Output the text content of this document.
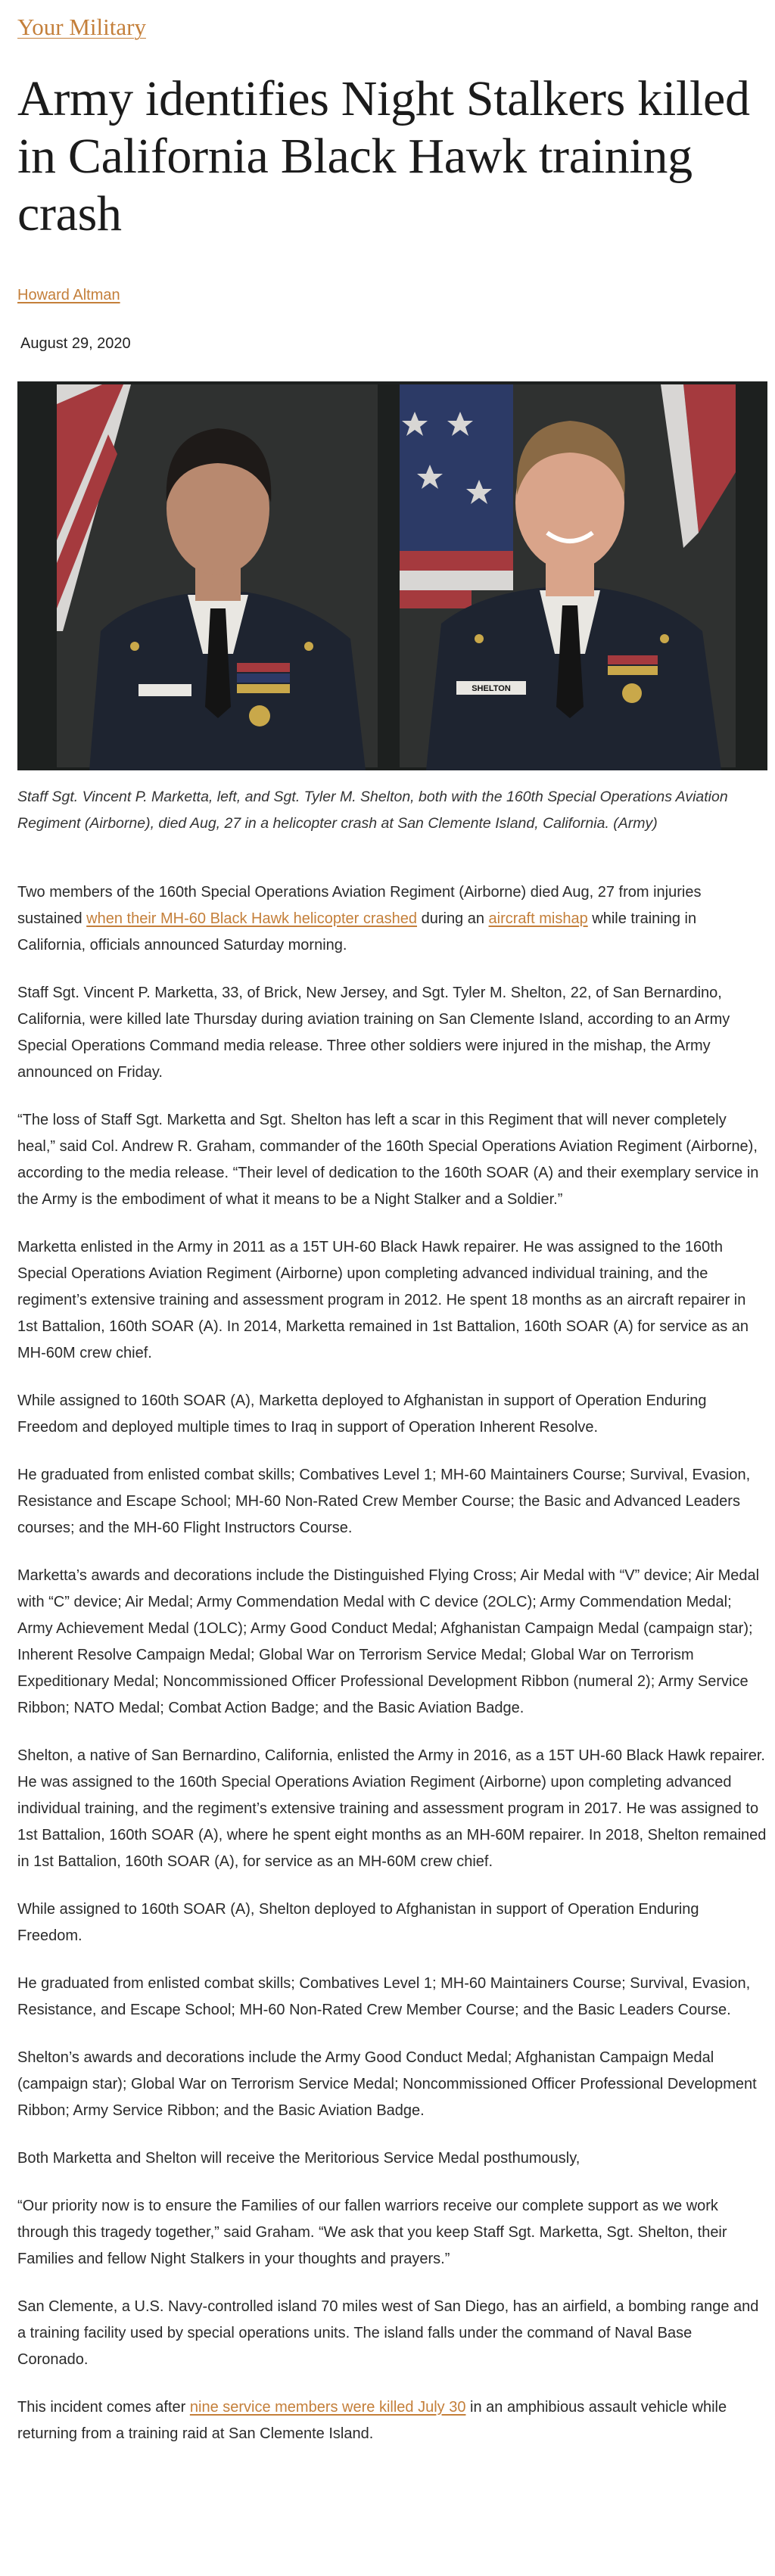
Your Military
Army identifies Night Stalkers killed in California Black Hawk training crash
Howard Altman
August 29, 2020
SHELTON

Staff Sgt. Vincent P. Marketta, left, and Sgt. Tyler M. Shelton, both with the 160th Special Operations Aviation Regiment (Airborne), died Aug, 27 in a helicopter crash at San Clemente Island, California. (Army)

Two members of the 160th Special Operations Aviation Regiment (Airborne) died Aug, 27 from injuries sustained when their MH-60 Black Hawk helicopter crashed during an aircraft mishap while training in California, officials announced Saturday morning.

Staff Sgt. Vincent P. Marketta, 33, of Brick, New Jersey, and Sgt. Tyler M. Shelton, 22, of San Bernardino, California, were killed late Thursday during aviation training on San Clemente Island, according to an Army Special Operations Command media release. Three other soldiers were injured in the mishap, the Army announced on Friday.

“The loss of Staff Sgt. Marketta and Sgt. Shelton has left a scar in this Regiment that will never completely heal,” said Col. Andrew R. Graham, commander of the 160th Special Operations Aviation Regiment (Airborne), according to the media release. “Their level of dedication to the 160th SOAR (A) and their exemplary service in the Army is the embodiment of what it means to be a Night Stalker and a Soldier.”

Marketta enlisted in the Army in 2011 as a 15T UH-60 Black Hawk repairer. He was assigned to the 160th Special Operations Aviation Regiment (Airborne) upon completing advanced individual training, and the regiment’s extensive training and assessment program in 2012. He spent 18 months as an aircraft repairer in 1st Battalion, 160th SOAR (A). In 2014, Marketta remained in 1st Battalion, 160th SOAR (A) for service as an MH-60M crew chief.

While assigned to 160th SOAR (A), Marketta deployed to Afghanistan in support of Operation Enduring Freedom and deployed multiple times to Iraq in support of Operation Inherent Resolve.

He graduated from enlisted combat skills; Combatives Level 1; MH-60 Maintainers Course; Survival, Evasion, Resistance and Escape School; MH-60 Non-Rated Crew Member Course; the Basic and Advanced Leaders courses; and the MH-60 Flight Instructors Course.

Marketta’s awards and decorations include the Distinguished Flying Cross; Air Medal with “V” device; Air Medal with “C” device; Air Medal; Army Commendation Medal with C device (2OLC); Army Commendation Medal; Army Achievement Medal (1OLC); Army Good Conduct Medal; Afghanistan Campaign Medal (campaign star); Inherent Resolve Campaign Medal; Global War on Terrorism Service Medal; Global War on Terrorism Expeditionary Medal; Noncommissioned Officer Professional Development Ribbon (numeral 2); Army Service Ribbon; NATO Medal; Combat Action Badge; and the Basic Aviation Badge.

Shelton, a native of San Bernardino, California, enlisted the Army in 2016, as a 15T UH-60 Black Hawk repairer. He was assigned to the 160th Special Operations Aviation Regiment (Airborne) upon completing advanced individual training, and the regiment’s extensive training and assessment program in 2017. He was assigned to 1st Battalion, 160th SOAR (A), where he spent eight months as an MH-60M repairer. In 2018, Shelton remained in 1st Battalion, 160th SOAR (A), for service as an MH-60M crew chief.

While assigned to 160th SOAR (A), Shelton deployed to Afghanistan in support of Operation Enduring Freedom.

He graduated from enlisted combat skills; Combatives Level 1; MH-60 Maintainers Course; Survival, Evasion, Resistance, and Escape School; MH-60 Non-Rated Crew Member Course; and the Basic Leaders Course.

Shelton’s awards and decorations include the Army Good Conduct Medal; Afghanistan Campaign Medal (campaign star); Global War on Terrorism Service Medal; Noncommissioned Officer Professional Development Ribbon; Army Service Ribbon; and the Basic Aviation Badge.

Both Marketta and Shelton will receive the Meritorious Service Medal posthumously,

“Our priority now is to ensure the Families of our fallen warriors receive our complete support as we work through this tragedy together,” said Graham. “We ask that you keep Staff Sgt. Marketta, Sgt. Shelton, their Families and fellow Night Stalkers in your thoughts and prayers.”

San Clemente, a U.S. Navy-controlled island 70 miles west of San Diego, has an airfield, a bombing range and a training facility used by special operations units. The island falls under the command of Naval Base Coronado.

This incident comes after nine service members were killed July 30 in an amphibious assault vehicle while returning from a training raid at San Clemente Island.
